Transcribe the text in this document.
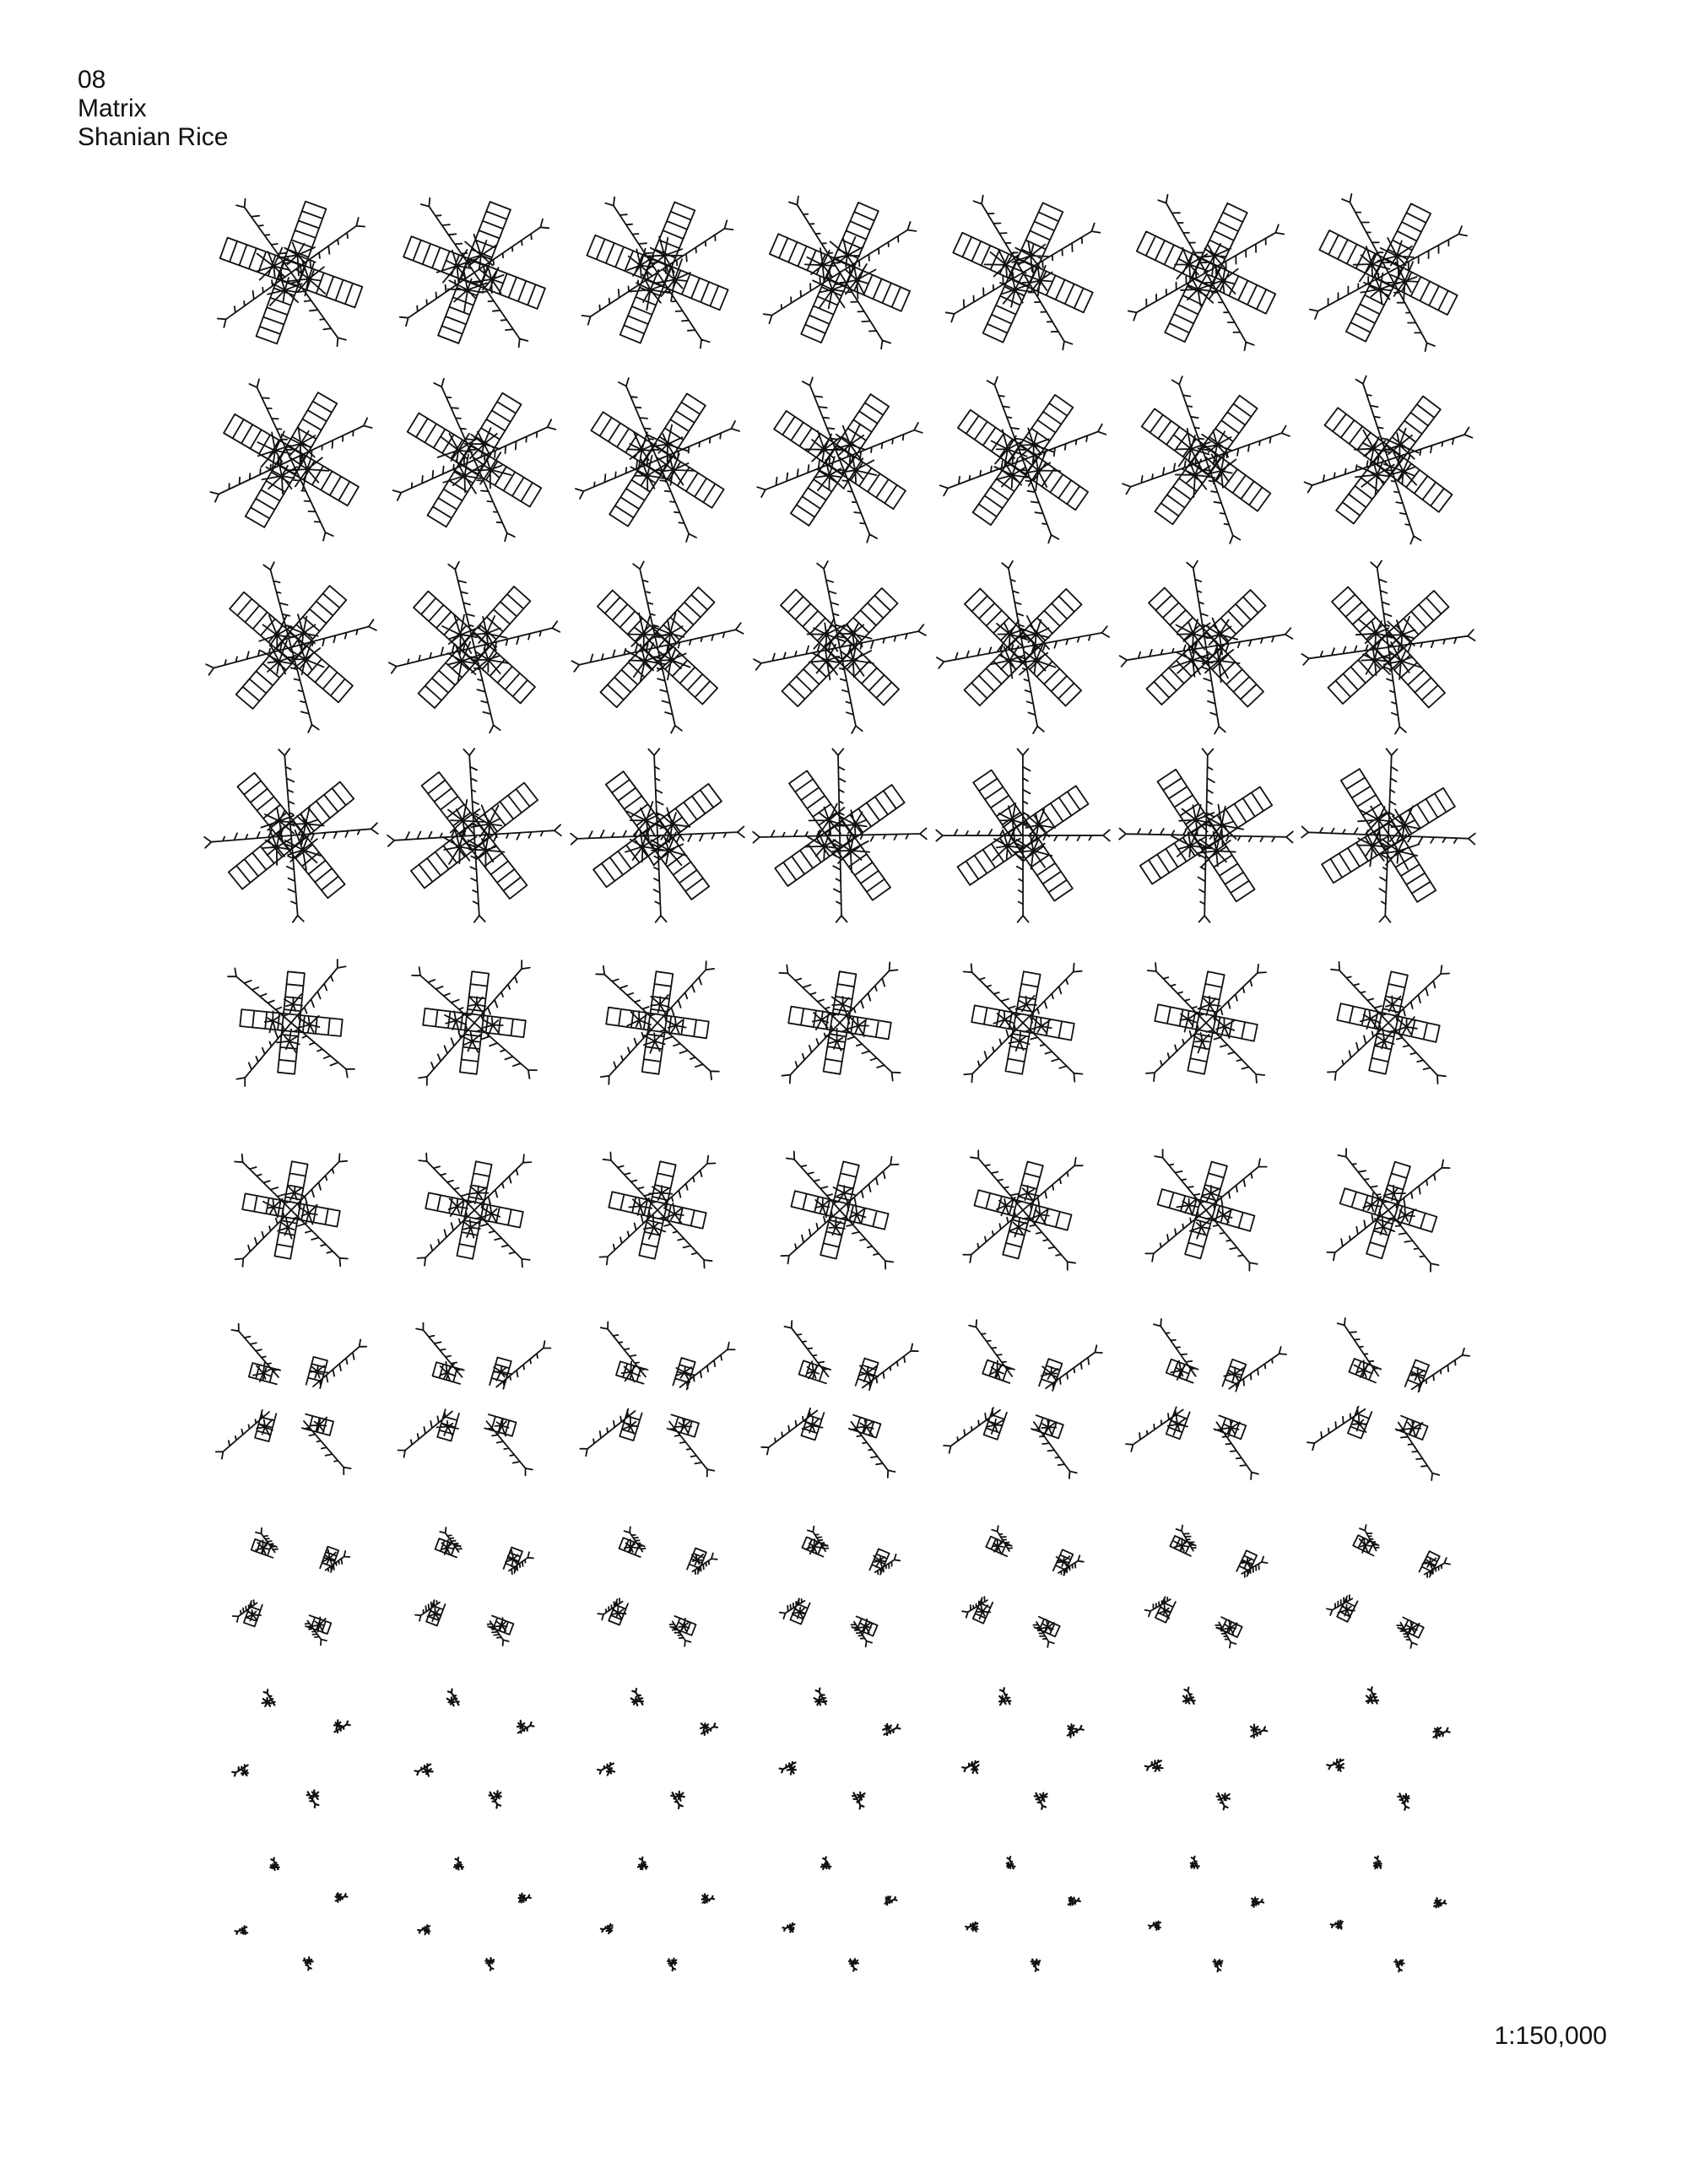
08
Matrix
Shanian Rice
1:150,000
